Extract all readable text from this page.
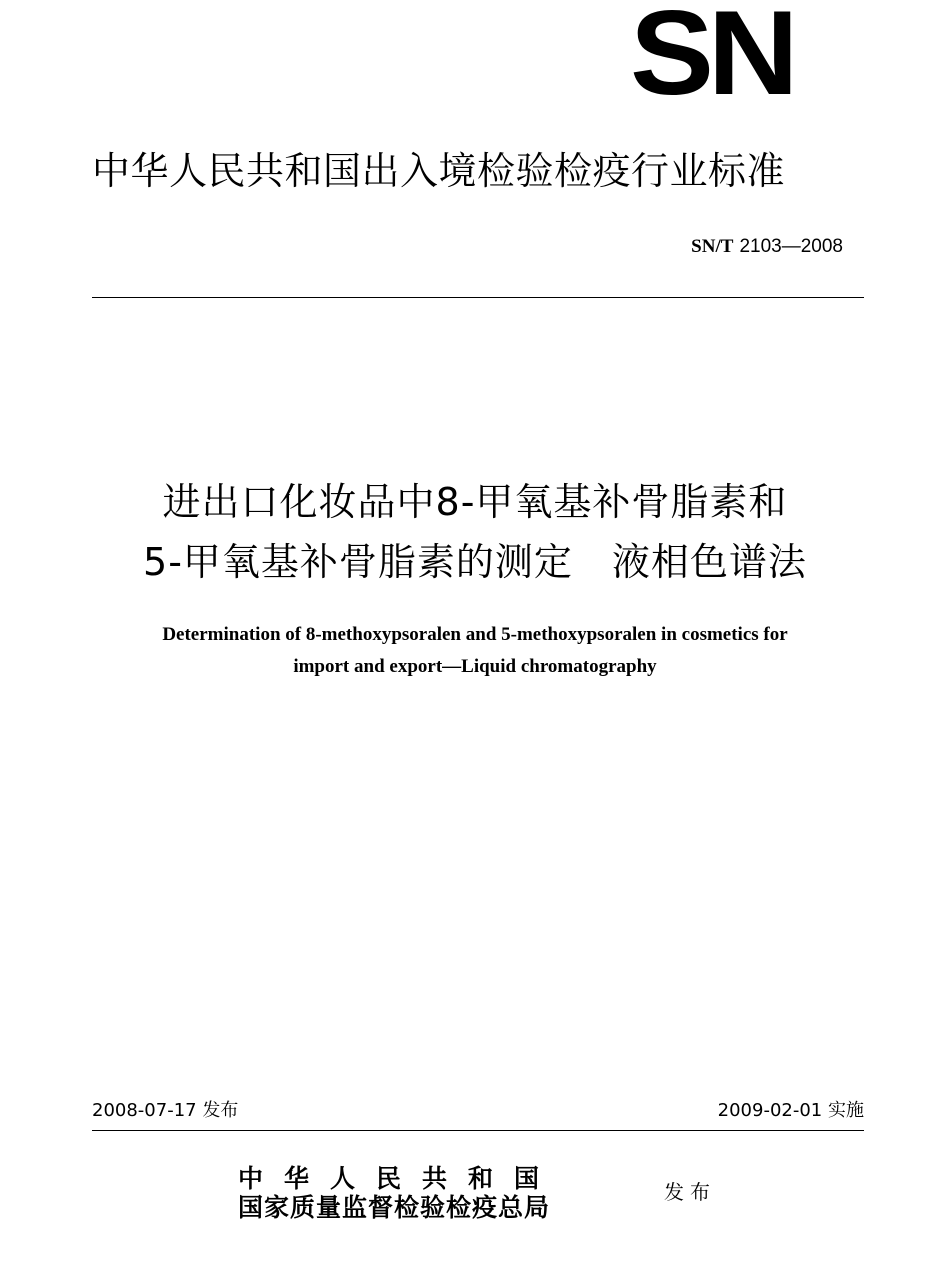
SN
中华人民共和国出入境检验检疫行业标准
SN/T 2103—2008
进出口化妆品中8-甲氧基补骨脂素和
5-甲氧基补骨脂素的测定　液相色谱法
Determination of 8-methoxypsoralen and 5-methoxypsoralen in cosmetics for
import and export—Liquid chromatography
2008-07-17 发布	2009-02-01 实施
中华人民共和国
国家质量监督检验检疫总局
发布
